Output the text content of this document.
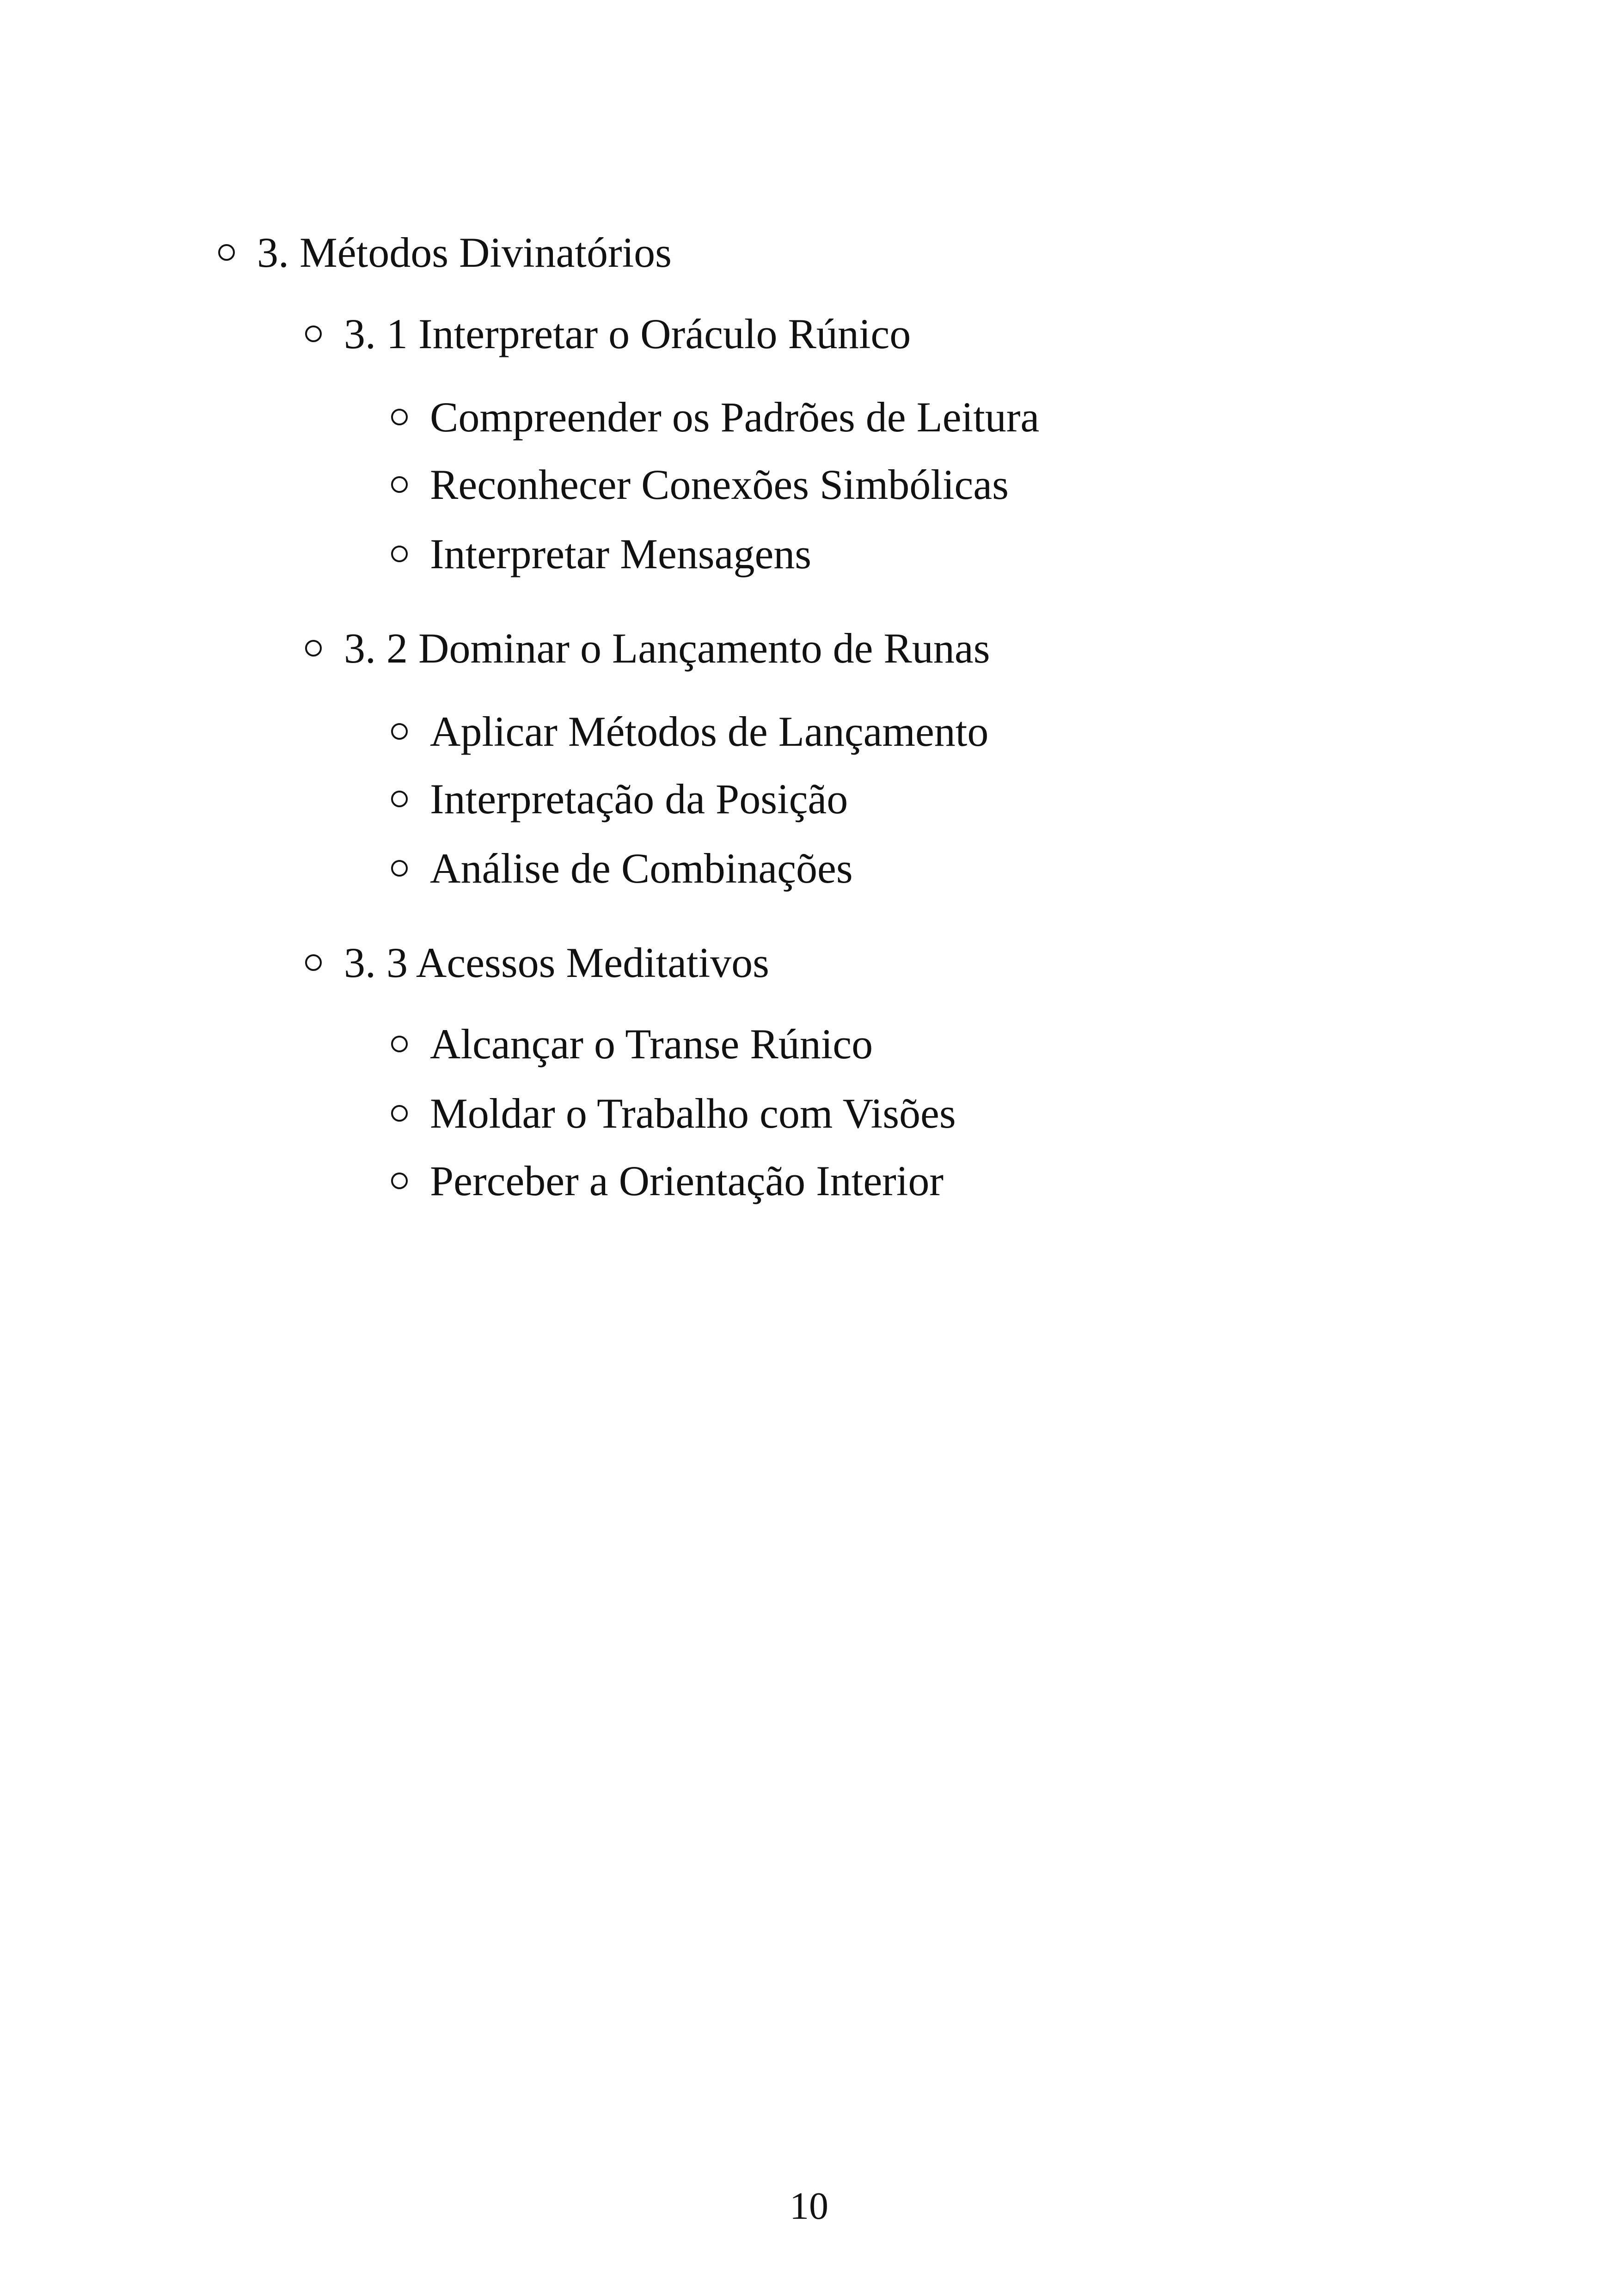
3. Métodos Divinatórios
3. 1 Interpretar o Oráculo Rúnico
Compreender os Padrões de Leitura
Reconhecer Conexões Simbólicas
Interpretar Mensagens
3. 2 Dominar o Lançamento de Runas
Aplicar Métodos de Lançamento
Interpretação da Posição
Análise de Combinações
3. 3 Acessos Meditativos
Alcançar o Transe Rúnico
Moldar o Trabalho com Visões
Perceber a Orientação Interior
10
